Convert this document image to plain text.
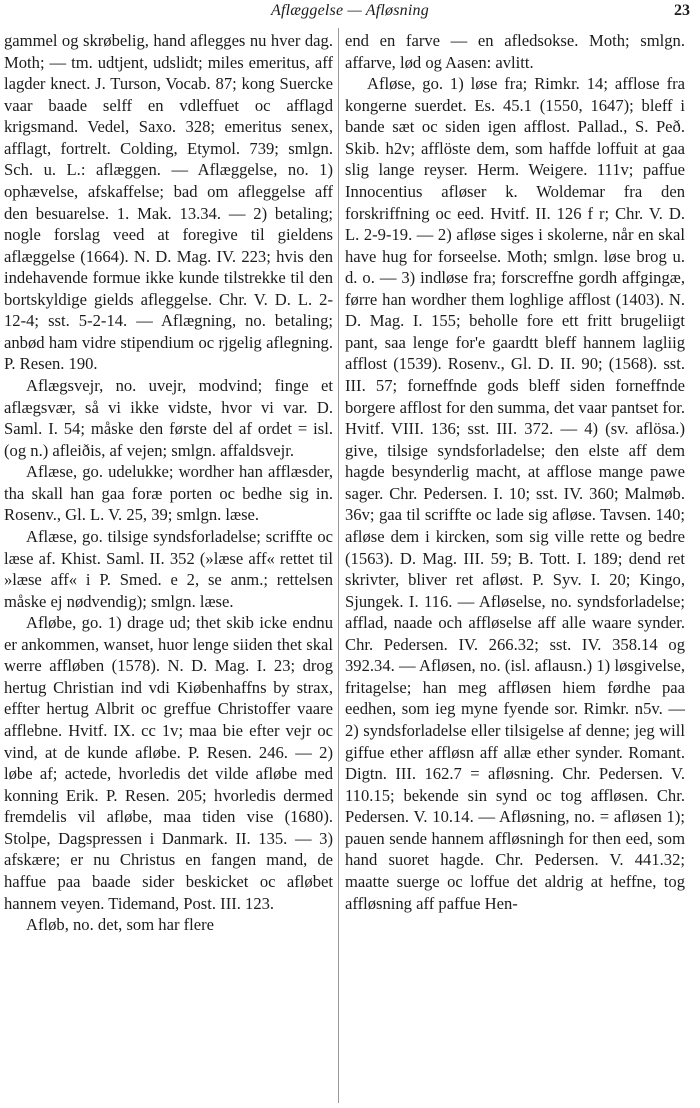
Aflæggelse — Afløsning	23

gammel og skrøbelig, hand aflegges nu hver dag. Moth; — tm. udtjent, udslidt; miles emeritus, aff lagder knect. J. Turson, Vocab. 87; kong Suercke vaar baade selff en vdleffuet oc afflagd krigsmand. Vedel, Saxo. 328; emeritus senex, afflagt, fortrelt. Colding, Etymol. 739; smlgn. Sch. u. L.: aflæggen. — Aflæggelse, no. 1) ophævelse, afskaffelse; bad om afleggelse aff den besuarelse. 1. Mak. 13.34. — 2) betaling; nogle forslag veed at foregive til gieldens aflæggelse (1664). N. D. Mag. IV. 223; hvis den indehavende formue ikke kunde tilstrekke til den bortskyldige gields afleggelse. Chr. V. D. L. 2-12-4; sst. 5-2-14. — Aflægning, no. betaling; anbød ham vidre stipendium oc rjgelig aflegning. P. Resen. 190.

Aflægsvejr, no. uvejr, modvind; finge et aflægsvær, så vi ikke vidste, hvor vi var. D. Saml. I. 54; måske den første del af ordet = isl. (og n.) afleiðis, af vejen; smlgn. affaldsvejr.

Aflæse, go. udelukke; wordher han afflæsder, tha skall han gaa foræ porten oc bedhe sig in. Rosenv., Gl. L. V. 25, 39; smlgn. læse.

Aflæse, go. tilsige syndsforladelse; scriffte oc læse af. Khist. Saml. II. 352 (»læse aff« rettet til »læse aff« i P. Smed. e 2, se anm.; rettelsen måske ej nødvendig); smlgn. læse.

Afløbe, go. 1) drage ud; thet skib icke endnu er ankommen, wanset, huor lenge siiden thet skal werre affløben (1578). N. D. Mag. I. 23; drog hertug Christian ind vdi Kiøbenhaffns by strax, effter hertug Albrit oc greffue Christoffer vaare afflebne. Hvitf. IX. cc 1v; maa bie efter vejr oc vind, at de kunde afløbe. P. Resen. 246. — 2) løbe af; actede, hvorledis det vilde afløbe med konning Erik. P. Resen. 205; hvorledis dermed fremdelis vil afløbe, maa tiden vise (1680). Stolpe, Dagspressen i Danmark. II. 135. — 3) afskære; er nu Christus en fangen mand, de haffue paa baade sider beskicket oc afløbet hannem veyen. Tidemand, Post. III. 123.

Afløb, no. det, som har flere

end en farve — en afledsokse. Moth; smlgn. affarve, lød og Aasen: avlitt.

Afløse, go. 1) løse fra; Rimkr. 14; afflose fra kongerne suerdet. Es. 45.1 (1550, 1647); bleff i bande sæt oc siden igen afflost. Pallad., S. Peð. Skib. h2v; afflöste dem, som haffde loffuit at gaa slig lange reyser. Herm. Weigere. 111v; paffue Innocentius afløser k. Woldemar fra den forskriffning oc eed. Hvitf. II. 126 f r; Chr. V. D. L. 2-9-19. — 2) afløse siges i skolerne, når en skal have hug for forseelse. Moth; smlgn. løse brog u. d. o. — 3) indløse fra; forscreffne gordh affgingæ, førre han wordher them loghlige afflost (1403). N. D. Mag. I. 155; beholle fore ett fritt brugeliigt pant, saa lenge for'e gaardtt bleff hannem lagliig afflost (1539). Rosenv., Gl. D. II. 90; (1568). sst. III. 57; forneffnde gods bleff siden forneffnde borgere afflost for den summa, det vaar pantset for. Hvitf. VIII. 136; sst. III. 372. — 4) (sv. aflösa.) give, tilsige syndsforladelse; den elste aff dem hagde besynderlig macht, at afflose mange pawe sager. Chr. Pedersen. I. 10; sst. IV. 360; Malmøb. 36v; gaa til scriffte oc lade sig afløse. Tavsen. 140; afløse dem i kircken, som sig ville rette og bedre (1563). D. Mag. III. 59; B. Tott. I. 189; dend ret skrivter, bliver ret afløst. P. Syv. I. 20; Kingo, Sjungek. I. 116. — Afløselse, no. syndsforladelse; afflad, naade och affløselse aff alle waare synder. Chr. Pedersen. IV. 266.32; sst. IV. 358.14 og 392.34. — Afløsen, no. (isl. aflausn.) 1) løsgivelse, fritagelse; han meg affløsen hiem førdhe paa eedhen, som ieg myne fyende sor. Rimkr. n5v. — 2) syndsforladelse eller tilsigelse af denne; jeg will giffue ether affløsn aff allæ ether synder. Romant. Digtn. III. 162.7 = afløsning. Chr. Pedersen. V. 110.15; bekende sin synd oc tog affløsen. Chr. Pedersen. V. 10.14. — Afløsning, no. = afløsen 1); pauen sende hannem affløsningh for then eed, som hand suoret hagde. Chr. Pedersen. V. 441.32; maatte suerge oc loffue det aldrig at heffne, tog affløsning aff paffue Hen-
